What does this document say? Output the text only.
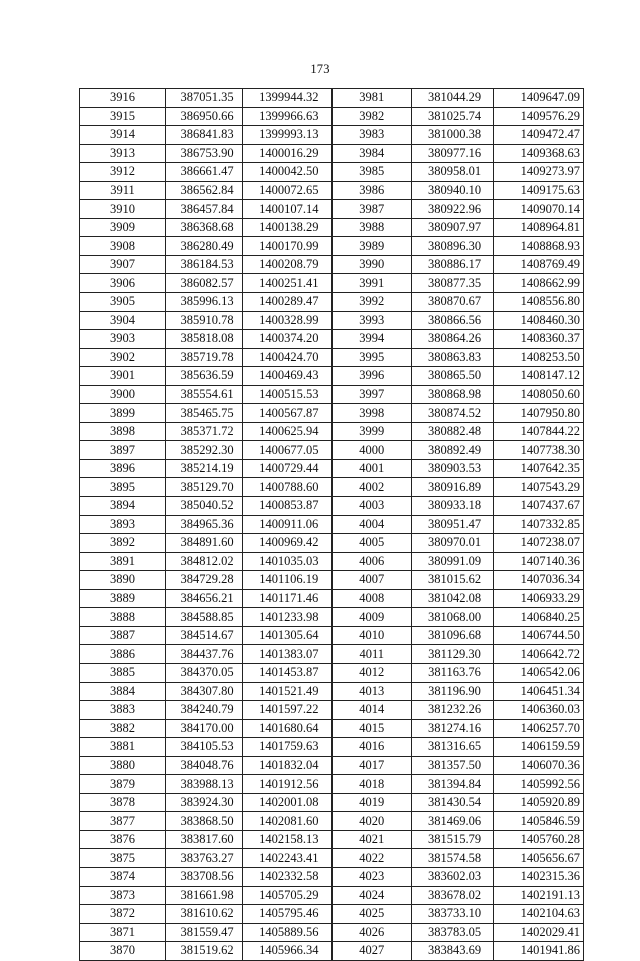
173
3916	387051.35	1399944.32	3981	381044.29	1409647.09
3915	386950.66	1399966.63	3982	381025.74	1409576.29
3914	386841.83	1399993.13	3983	381000.38	1409472.47
3913	386753.90	1400016.29	3984	380977.16	1409368.63
3912	386661.47	1400042.50	3985	380958.01	1409273.97
3911	386562.84	1400072.65	3986	380940.10	1409175.63
3910	386457.84	1400107.14	3987	380922.96	1409070.14
3909	386368.68	1400138.29	3988	380907.97	1408964.81
3908	386280.49	1400170.99	3989	380896.30	1408868.93
3907	386184.53	1400208.79	3990	380886.17	1408769.49
3906	386082.57	1400251.41	3991	380877.35	1408662.99
3905	385996.13	1400289.47	3992	380870.67	1408556.80
3904	385910.78	1400328.99	3993	380866.56	1408460.30
3903	385818.08	1400374.20	3994	380864.26	1408360.37
3902	385719.78	1400424.70	3995	380863.83	1408253.50
3901	385636.59	1400469.43	3996	380865.50	1408147.12
3900	385554.61	1400515.53	3997	380868.98	1408050.60
3899	385465.75	1400567.87	3998	380874.52	1407950.80
3898	385371.72	1400625.94	3999	380882.48	1407844.22
3897	385292.30	1400677.05	4000	380892.49	1407738.30
3896	385214.19	1400729.44	4001	380903.53	1407642.35
3895	385129.70	1400788.60	4002	380916.89	1407543.29
3894	385040.52	1400853.87	4003	380933.18	1407437.67
3893	384965.36	1400911.06	4004	380951.47	1407332.85
3892	384891.60	1400969.42	4005	380970.01	1407238.07
3891	384812.02	1401035.03	4006	380991.09	1407140.36
3890	384729.28	1401106.19	4007	381015.62	1407036.34
3889	384656.21	1401171.46	4008	381042.08	1406933.29
3888	384588.85	1401233.98	4009	381068.00	1406840.25
3887	384514.67	1401305.64	4010	381096.68	1406744.50
3886	384437.76	1401383.07	4011	381129.30	1406642.72
3885	384370.05	1401453.87	4012	381163.76	1406542.06
3884	384307.80	1401521.49	4013	381196.90	1406451.34
3883	384240.79	1401597.22	4014	381232.26	1406360.03
3882	384170.00	1401680.64	4015	381274.16	1406257.70
3881	384105.53	1401759.63	4016	381316.65	1406159.59
3880	384048.76	1401832.04	4017	381357.50	1406070.36
3879	383988.13	1401912.56	4018	381394.84	1405992.56
3878	383924.30	1402001.08	4019	381430.54	1405920.89
3877	383868.50	1402081.60	4020	381469.06	1405846.59
3876	383817.60	1402158.13	4021	381515.79	1405760.28
3875	383763.27	1402243.41	4022	381574.58	1405656.67
3874	383708.56	1402332.58	4023	383602.03	1402315.36
3873	381661.98	1405705.29	4024	383678.02	1402191.13
3872	381610.62	1405795.46	4025	383733.10	1402104.63
3871	381559.47	1405889.56	4026	383783.05	1402029.41
3870	381519.62	1405966.34	4027	383843.69	1401941.86
